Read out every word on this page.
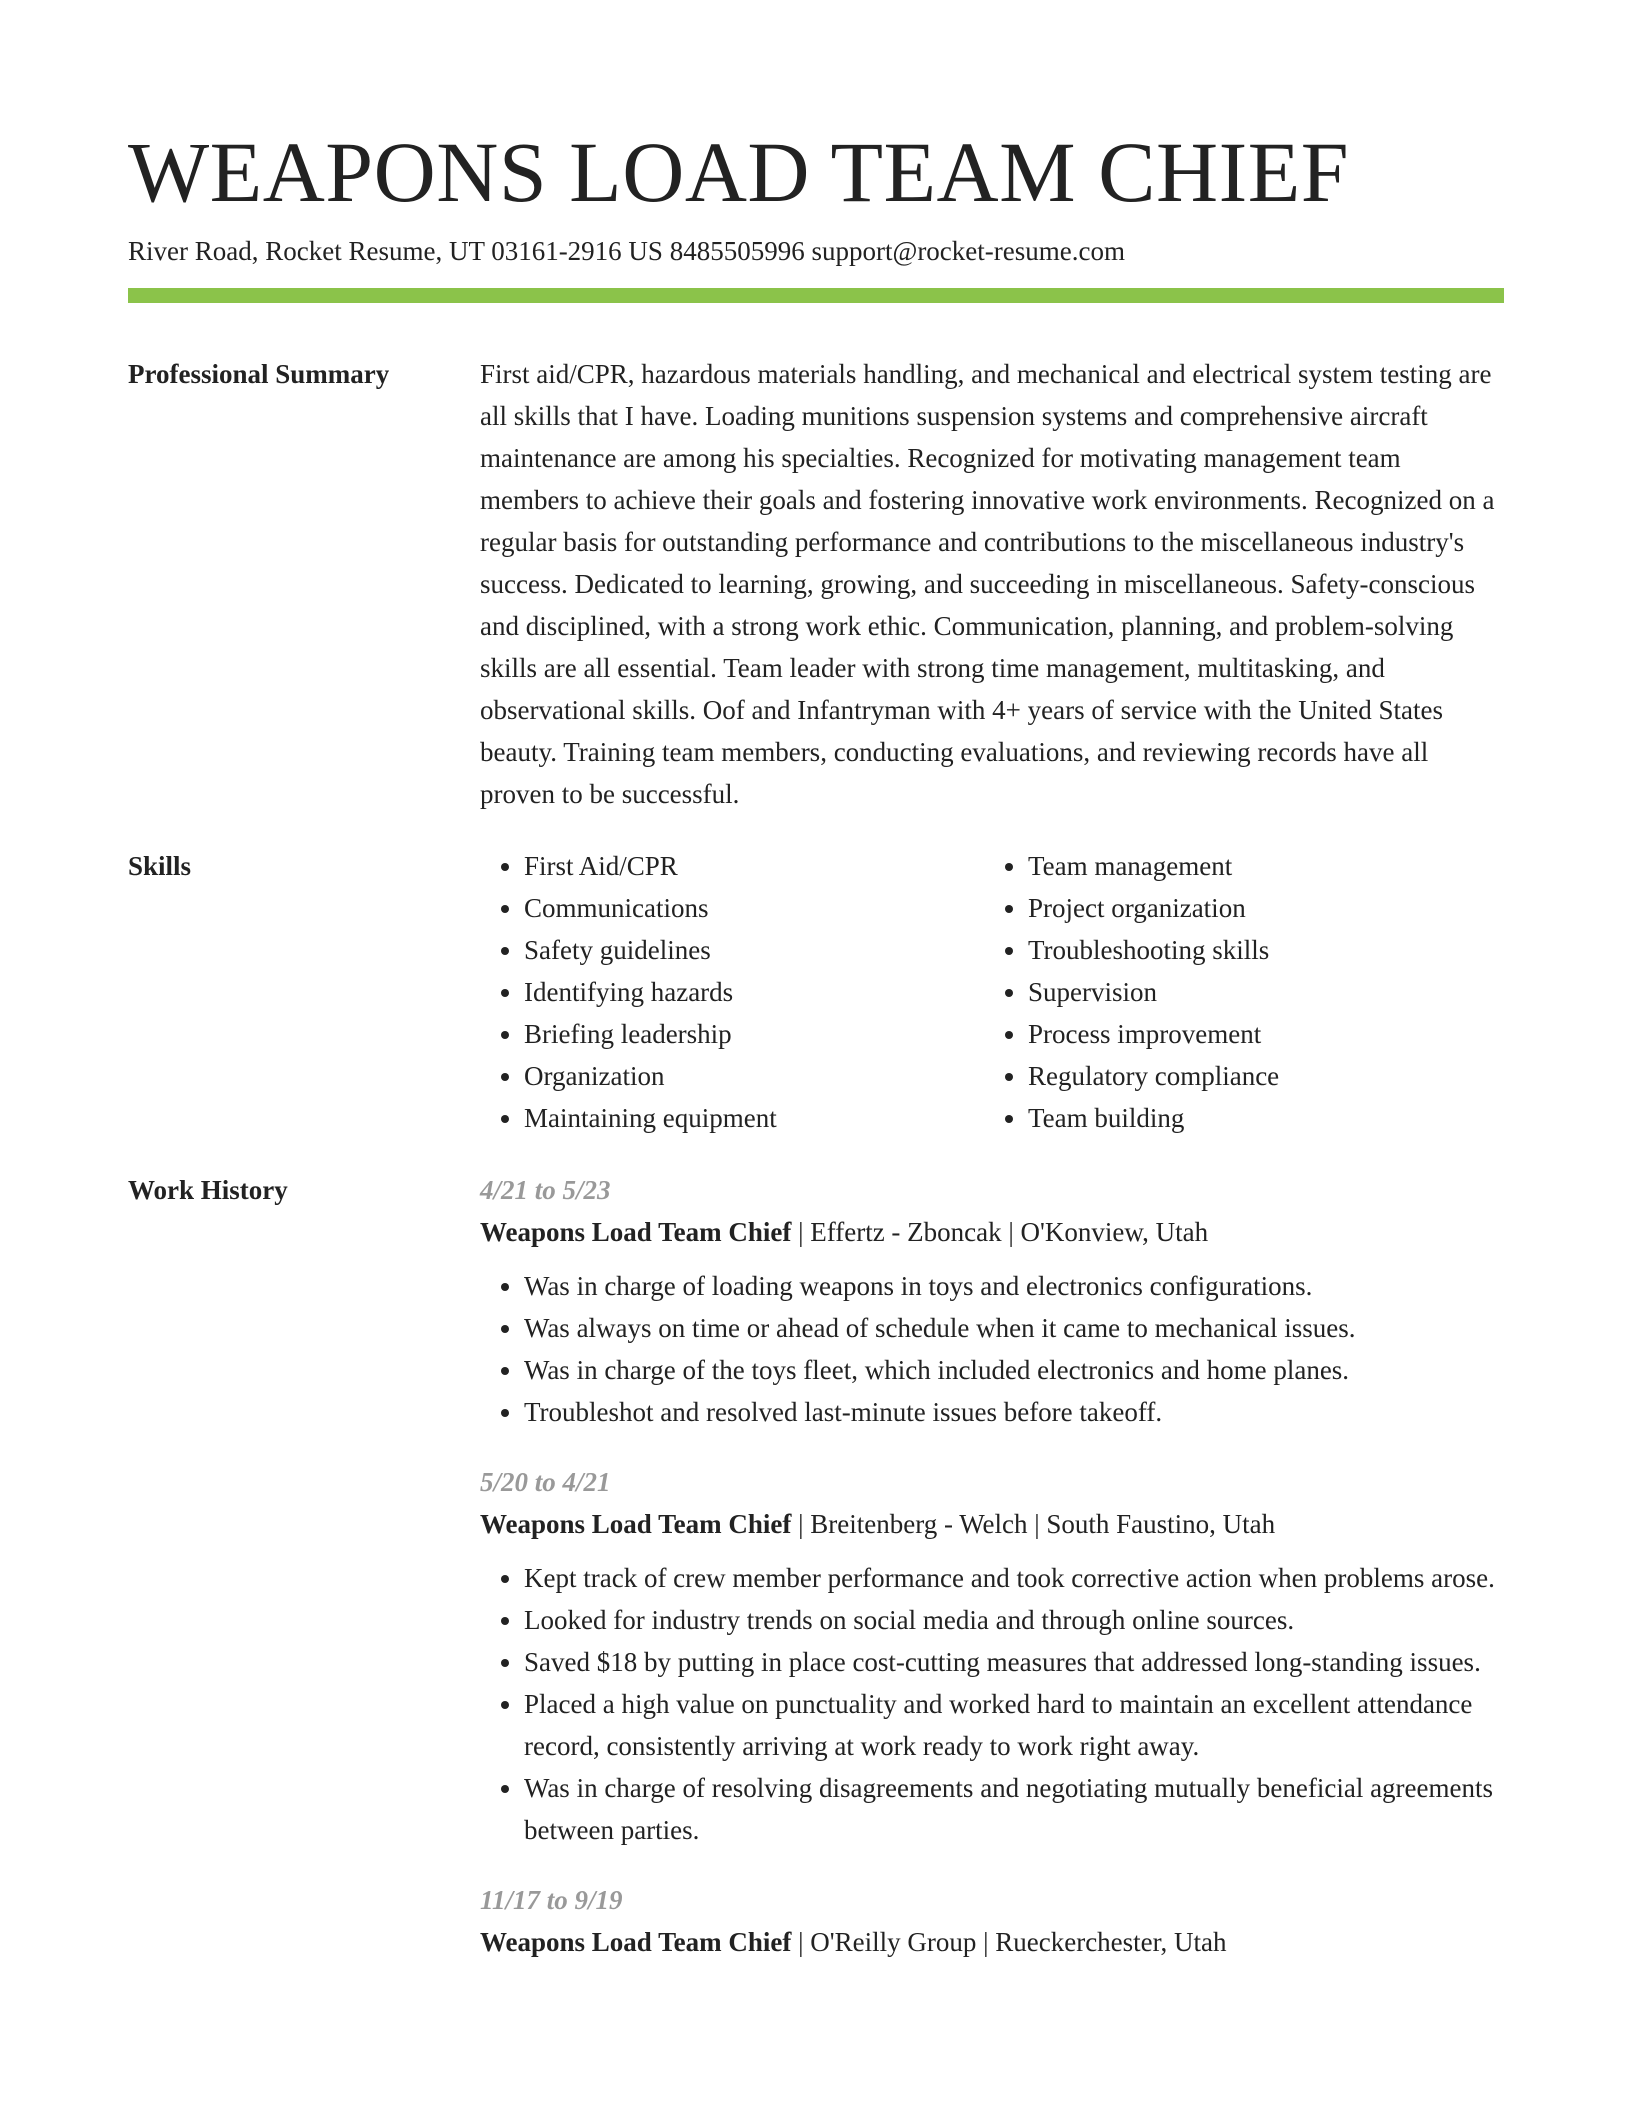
WEAPONS LOAD TEAM CHIEF
River Road, Rocket Resume, UT 03161-2916 US 8485505996 support@rocket-resume.com
Professional Summary	First aid/CPR, hazardous materials handling, and mechanical and electrical system testing are all skills that I have. Loading munitions suspension systems and comprehensive aircraft maintenance are among his specialties. Recognized for motivating management team members to achieve their goals and fostering innovative work environments. Recognized on a regular basis for outstanding performance and contributions to the miscellaneous industry's success. Dedicated to learning, growing, and succeeding in miscellaneous. Safety-conscious and disciplined, with a strong work ethic. Communication, planning, and problem-solving skills are all essential. Team leader with strong time management, multitasking, and observational skills. Oof and Infantryman with 4+ years of service with the United States beauty. Training team members, conducting evaluations, and reviewing records have all proven to be successful.

Skills
•	First Aid/CPR
• Communications
• Safety guidelines
• Identifying hazards
• Briefing leadership
• Organization
• Maintaining equipment
• Team management
• Project organization
• Troubleshooting skills
• Supervision
• Process improvement
• Regulatory compliance
• Team building
Work History	4/21 to 5/23
Weapons Load Team Chief | Effertz - Zboncak | O'Konview, Utah
• Was in charge of loading weapons in toys and electronics configurations.
• Was always on time or ahead of schedule when it came to mechanical issues.
• Was in charge of the toys fleet, which included electronics and home planes.
• Troubleshot and resolved last-minute issues before takeoff.
5/20 to 4/21
Weapons Load Team Chief | Breitenberg - Welch | South Faustino, Utah
• Kept track of crew member performance and took corrective action when problems arose.
• Looked for industry trends on social media and through online sources.
• Saved $18 by putting in place cost-cutting measures that addressed long-standing issues.
• Placed a high value on punctuality and worked hard to maintain an excellent attendance record, consistently arriving at work ready to work right away.
• Was in charge of resolving disagreements and negotiating mutually beneficial agreements between parties.
11/17 to 9/19
Weapons Load Team Chief | O'Reilly Group | Rueckerchester, Utah
